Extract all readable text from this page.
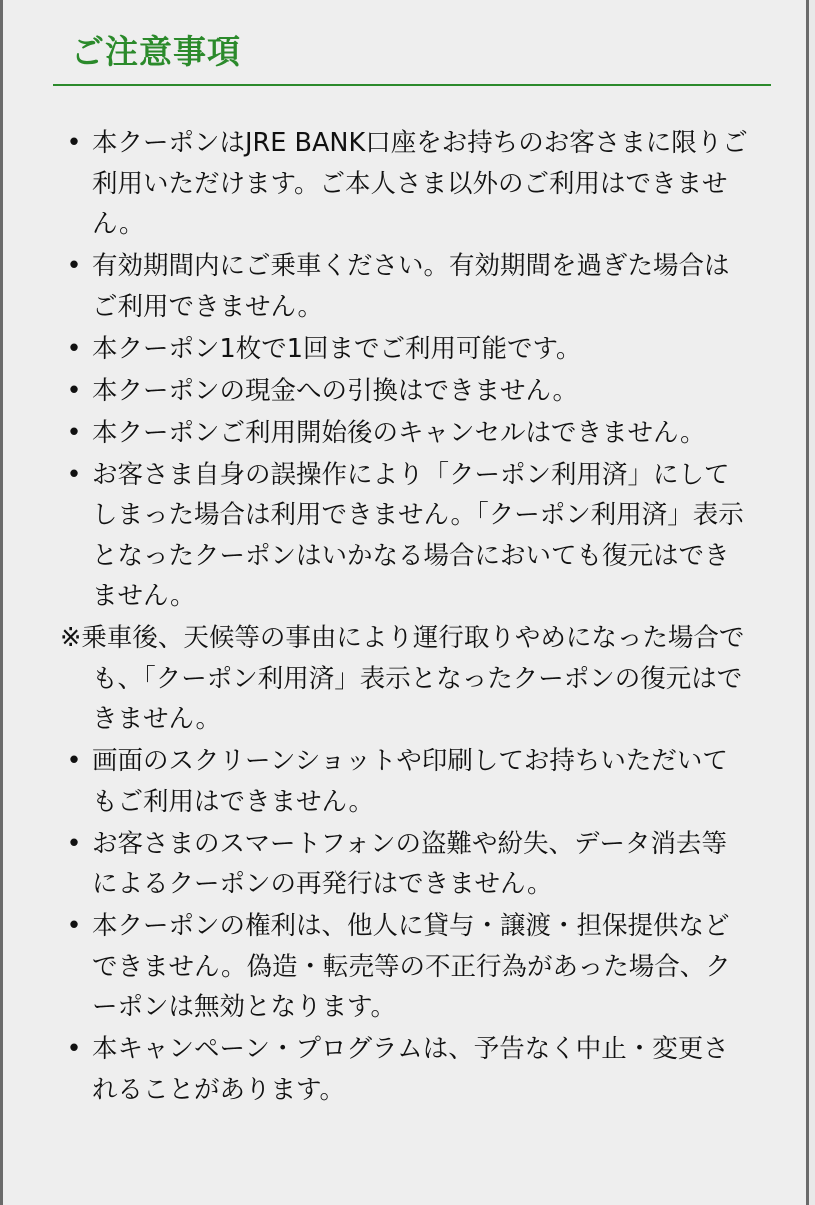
ご注意事項
• 本クーポンはJRE BANK口座をお持ちのお客さまに限りご利用いただけます。ご本人さま以外のご利用はできません。
• 有効期間内にご乗車ください。有効期間を過ぎた場合はご利用できません。
• 本クーポン1枚で1回までご利用可能です。
• 本クーポンの現金への引換はできません。
• 本クーポンご利用開始後のキャンセルはできません。
• お客さま自身の誤操作により「クーポン利用済」にしてしまった場合は利用できません。「クーポン利用済」表示となったクーポンはいかなる場合においても復元はできません。
※乗車後、天候等の事由により運行取りやめになった場合でも、「クーポン利用済」表示となったクーポンの復元はできません。
• 画面のスクリーンショットや印刷してお持ちいただいてもご利用はできません。
• お客さまのスマートフォンの盗難や紛失、データ消去等によるクーポンの再発行はできません。
• 本クーポンの権利は、他人に貸与・譲渡・担保提供などできません。偽造・転売等の不正行為があった場合、クーポンは無効となります。
• 本キャンペーン・プログラムは、予告なく中止・変更されることがあります。
